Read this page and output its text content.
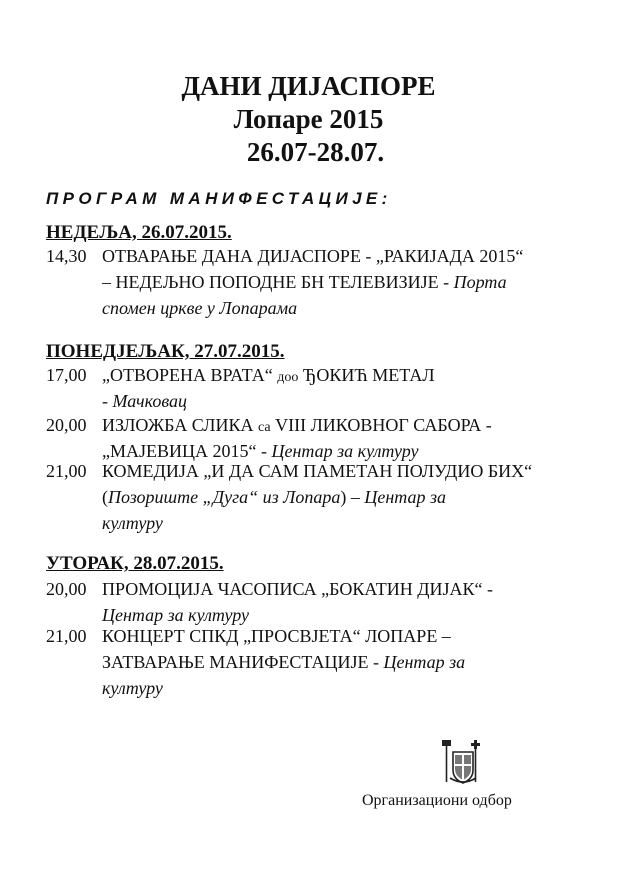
ДАНИ ДИЈАСПОРЕ
Лопаре 2015
26.07-28.07.
ПРОГРАМ МАНИФЕСТАЦИЈЕ:
НЕДЕЉА, 26.07.2015.
14,30 ОТВАРАЊЕ ДАНА ДИЈАСПОРЕ - „РАКИЈАДА 2015“
– НЕДЕЉНО ПОПОДНЕ БН ТЕЛЕВИЗИЈЕ - Порта
спомен цркве у Лопарама
ПОНЕДЈЕЉАК, 27.07.2015.
17,00 „ОТВОРЕНА ВРАТА“ доо ЂОКИЋ МЕТАЛ
- Мачковац
20,00 ИЗЛОЖБА СЛИКА са VIII ЛИКОВНОГ САБОРА -
„МАЈЕВИЦА 2015“ - Центар за културу
21,00 КОМЕДИЈА „И ДА САМ ПАМЕТАН ПОЛУДИО БИХ“
(Позориште „Дуга“ из Лопара) – Центар за
културу
УТОРАК, 28.07.2015.
20,00 ПРОМОЦИЈА ЧАСОПИСА „БОКАТИН ДИЈАК“ -
Центар за културу
21,00 КОНЦЕРТ СПКД „ПРОСВЈЕТА“ ЛОПАРЕ –
ЗАТВАРАЊЕ МАНИФЕСТАЦИЈЕ - Центар за
културу
Организациони одбор
